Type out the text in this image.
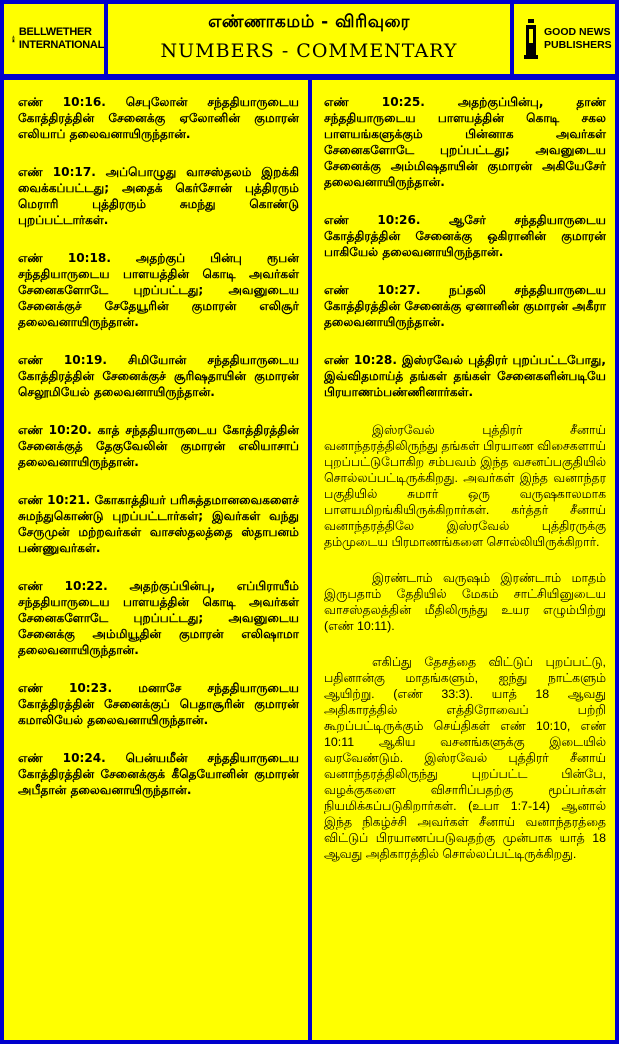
BELLWETHER
INTERNATIONAL
எண்ணாகமம் - விரிவுரை
NUMBERS - COMMENTARY
GOOD NEWS
PUBLISHERS

எண் 10:16. செபுலோன் சந்ததியாருடைய கோத்திரத்தின் சேனைக்கு ஏலோனின் குமாரன் எலியாப் தலைவனாயிருந்தான்.

எண் 10:17. அப்பொழுது வாசஸ்தலம் இறக்கி வைக்கப்பட்டது; அதைக் கெர்சோன் புத்திரரும் மெராரி புத்திரரும் சுமந்து கொண்டு புறப்பட்டார்கள்.

எண் 10:18. அதற்குப் பின்பு ரூபன் சந்ததியாருடைய பாளயத்தின் கொடி அவர்கள் சேனைகளோடே புறப்பட்டது; அவனுடைய சேனைக்குச் சேதேயூரின் குமாரன் எலிசூர் தலைவனாயிருந்தான்.

எண் 10:19. சிமியோன் சந்ததியாருடைய கோத்திரத்தின் சேனைக்குச் சூரிஷதாயின் குமாரன் செலூமியேல் தலைவனாயிருந்தான்.

எண் 10:20. காத் சந்ததியாருடைய கோத்திரத்தின் சேனைக்குத் தேகுவேலின் குமாரன் எலியாசாப் தலைவனாயிருந்தான்.

எண் 10:21. கோகாத்தியர் பரிசுத்தமானவைகளைச் சுமந்துகொண்டு புறப்பட்டார்கள்; இவர்கள் வந்து சேருமுன் மற்றவர்கள் வாசஸ்தலத்தை ஸ்தாபனம் பண்ணுவர்கள்.

எண் 10:22. அதற்குப்பின்பு, எப்பிராயீம் சந்ததியாருடைய பாளயத்தின் கொடி அவர்கள் சேனைகளோடே புறப்பட்டது; அவனுடைய சேனைக்கு அம்மியூதின் குமாரன் எலிஷாமா தலைவனாயிருந்தான்.

எண் 10:23. மனாசே சந்ததியாருடைய கோத்திரத்தின் சேனைக்குப் பெதாசூரின் குமாரன் கமாலியேல் தலைவனாயிருந்தான்.

எண் 10:24. பென்யமீன் சந்ததியாருடைய கோத்திரத்தின் சேனைக்குக் கீதெயோனின் குமாரன் அபீதான் தலைவனாயிருந்தான்.

எண் 10:25. அதற்குப்பின்பு, தாண் சந்ததியாருடைய பாளயத்தின் கொடி சகல பாளயங்களுக்கும் பின்னாக அவர்கள் சேனைகளோடே புறப்பட்டது; அவனுடைய சேனைக்கு அம்மிஷதாயின் குமாரன் அகியேசேர் தலைவனாயிருந்தான்.

எண் 10:26. ஆசேர் சந்ததியாருடைய கோத்திரத்தின் சேனைக்கு ஒகிரானின் குமாரன் பாகியேல் தலைவனாயிருந்தான்.

எண் 10:27. நப்தலி சந்ததியாருடைய கோத்திரத்தின் சேனைக்கு ஏனானின் குமாரன் அகீரா தலைவனாயிருந்தான்.

எண் 10:28. இஸ்ரவேல் புத்திரர் புறப்பட்டபோது, இவ்விதமாய்த் தங்கள் தங்கள் சேனைகளின்படியே பிரயாணம்பண்ணினார்கள்.

இஸ்ரவேல் புத்திரர் சீனாய் வனாந்தரத்திலிருந்து தங்கள் பிரயாண விசைகளாய் புறப்பட்டுபோகிற சம்பவம் இந்த வசனப்பகுதியில் சொல்லப்பட்டிருக்கிறது. அவர்கள் இந்த வனாந்தர பகுதியில் சுமார் ஒரு வருஷகாலமாக பாளயமிறங்கியிருக்கிறார்கள். கர்த்தர் சீனாய் வனாந்தரத்திலே இஸ்ரவேல் புத்திரருக்கு தம்முடைய பிரமாணங்களை சொல்லியிருக்கிறார்.

இரண்டாம் வருஷம் இரண்டாம் மாதம் இருபதாம் தேதியில் மேகம் சாட்சியினுடைய வாசஸ்தலத்தின் மீதிலிருந்து உயர எழும்பிற்று (எண் 10:11).

எகிப்து தேசத்தை விட்டுப் புறப்பட்டு, பதினான்கு மாதங்களும், ஐந்து நாட்களும் ஆயிற்று. (எண் 33:3). யாத் 18 ஆவது அதிகாரத்தில் எத்திரோவைப் பற்றி கூறப்பட்டிருக்கும் செய்திகள் எண் 10:10, எண் 10:11 ஆகிய வசனங்களுக்கு இடையில் வரவேண்டும். இஸ்ரவேல் புத்திரர் சீனாய் வனாந்தரத்திலிருந்து புறப்பட்ட பின்பே, வழக்குகளை விசாரிப்பதற்கு மூப்பர்கள் நியமிக்கப்படுகிறார்கள். (உபா 1:7-14) ஆனால் இந்த நிகழ்ச்சி அவர்கள் சீனாய் வனாந்தரத்தை விட்டுப் பிரயாணப்படுவதற்கு முன்பாக யாத் 18 ஆவது அதிகாரத்தில் சொல்லப்பட்டிருக்கிறது.
